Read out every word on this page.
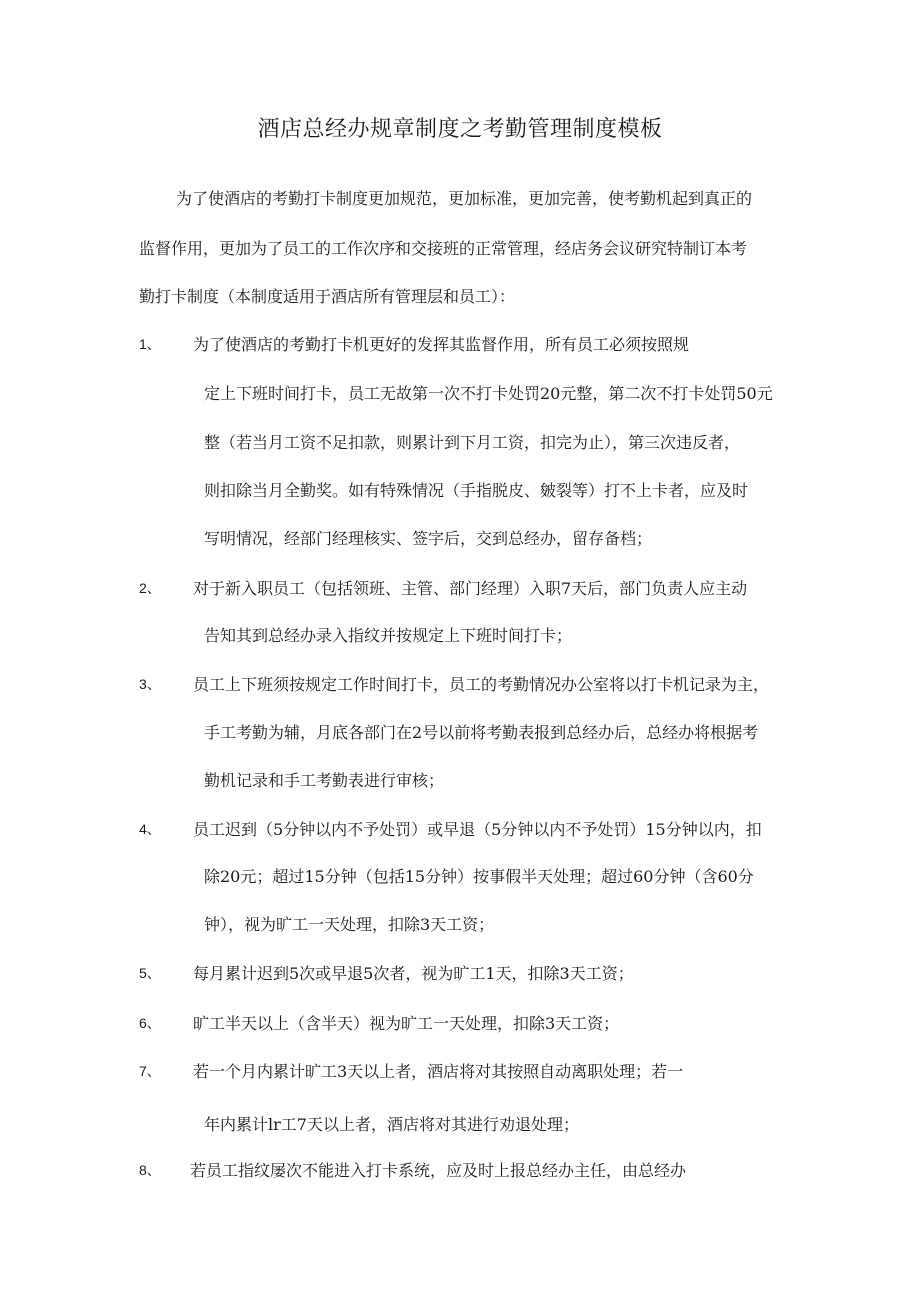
酒店总经办规章制度之考勤管理制度模板
为了使酒店的考勤打卡制度更加规范，更加标准，更加完善，使考勤机起到真正的
监督作用，更加为了员工的工作次序和交接班的正常管理，经店务会议研究特制订本考
勤打卡制度（本制度适用于酒店所有管理层和员工）：
1、 为了使酒店的考勤打卡机更好的发挥其监督作用，所有员工必须按照规
定上下班时间打卡，员工无故第一次不打卡处罚20元整，第二次不打卡处罚50元
整（若当月工资不足扣款，则累计到下月工资，扣完为止），第三次违反者，
则扣除当月全勤奖。如有特殊情况（手指脱皮、皴裂等）打不上卡者，应及时
写明情况，经部门经理核实、签字后，交到总经办，留存备档；
2、 对于新入职员工（包括领班、主管、部门经理）入职7天后，部门负责人应主动
告知其到总经办录入指纹并按规定上下班时间打卡；
3、 员工上下班须按规定工作时间打卡，员工的考勤情况办公室将以打卡机记录为主，
手工考勤为辅，月底各部门在2号以前将考勤表报到总经办后，总经办将根据考
勤机记录和手工考勤表进行审核；
4、 员工迟到（5分钟以内不予处罚）或早退（5分钟以内不予处罚）15分钟以内，扣
除20元；超过15分钟（包括15分钟）按事假半天处理；超过60分钟（含60分
钟），视为旷工一天处理，扣除3天工资；
5、 每月累计迟到5次或早退5次者，视为旷工1天，扣除3天工资；
6、 旷工半天以上（含半天）视为旷工一天处理，扣除3天工资；
7、 若一个月内累计旷工3天以上者，酒店将对其按照自动离职处理；若一
年内累计lr工7天以上者，酒店将对其进行劝退处理；
8、 若员工指纹屡次不能进入打卡系统，应及时上报总经办主任，由总经办
